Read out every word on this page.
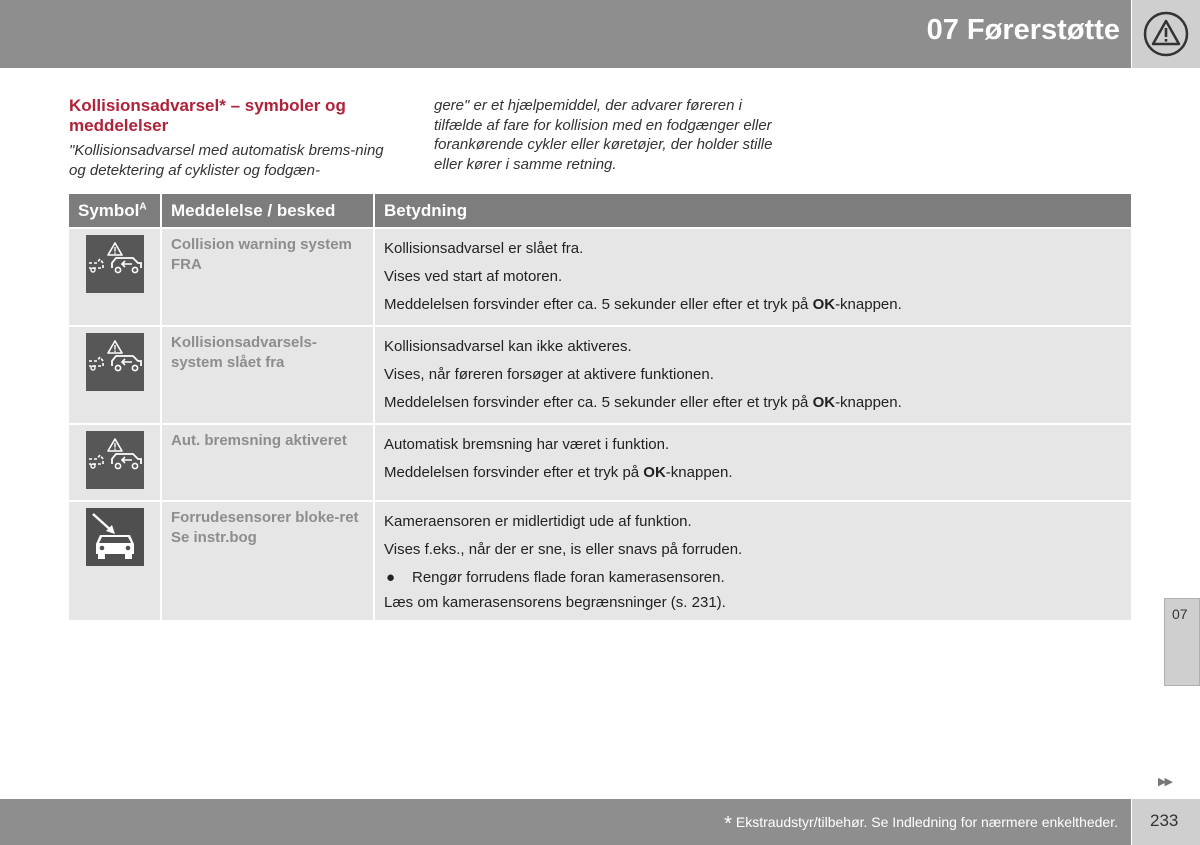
07 Førerstøtte
Kollisionsadvarsel* – symboler og meddelelser
"Kollisionsadvarsel med automatisk brems-ning og detektering af cyklister og fodgæn-
gere" er et hjælpemiddel, der advarer føreren i tilfælde af fare for kollision med en fodgænger eller forankørende cykler eller køretøjer, der holder stille eller kører i samme retning.
Symbol$^A$	Meddelelse / besked	Betydning
	Collision warning system FRA	Kollisionsadvarsel er slået fra.
Vises ved start af motoren.
Meddelelsen forsvinder efter ca. 5 sekunder eller efter et tryk på OK-knappen.

	Kollisionsadvarsels-system slået fra	Kollisionsadvarsel kan ikke aktiveres.
Vises, når føreren forsøger at aktivere funktionen.
Meddelelsen forsvinder efter ca. 5 sekunder eller efter et tryk på OK-knappen.

	Aut. bremsning aktiveret	Automatisk bremsning har været i funktion.
Meddelelsen forsvinder efter et tryk på OK-knappen.

	Forrudesensorer bloke-ret Se instr.bog	Kameraensoren er midlertidigt ude af funktion.
Vises f.eks., når der er sne, is eller snavs på forruden.
● Rengør forrudens flade foran kamerasensoren.
Læs om kamerasensorens begrænsninger (s. 231).
07
▶▶
* Ekstraudstyr/tilbehør. Se Indledning for nærmere enkeltheder. 233
